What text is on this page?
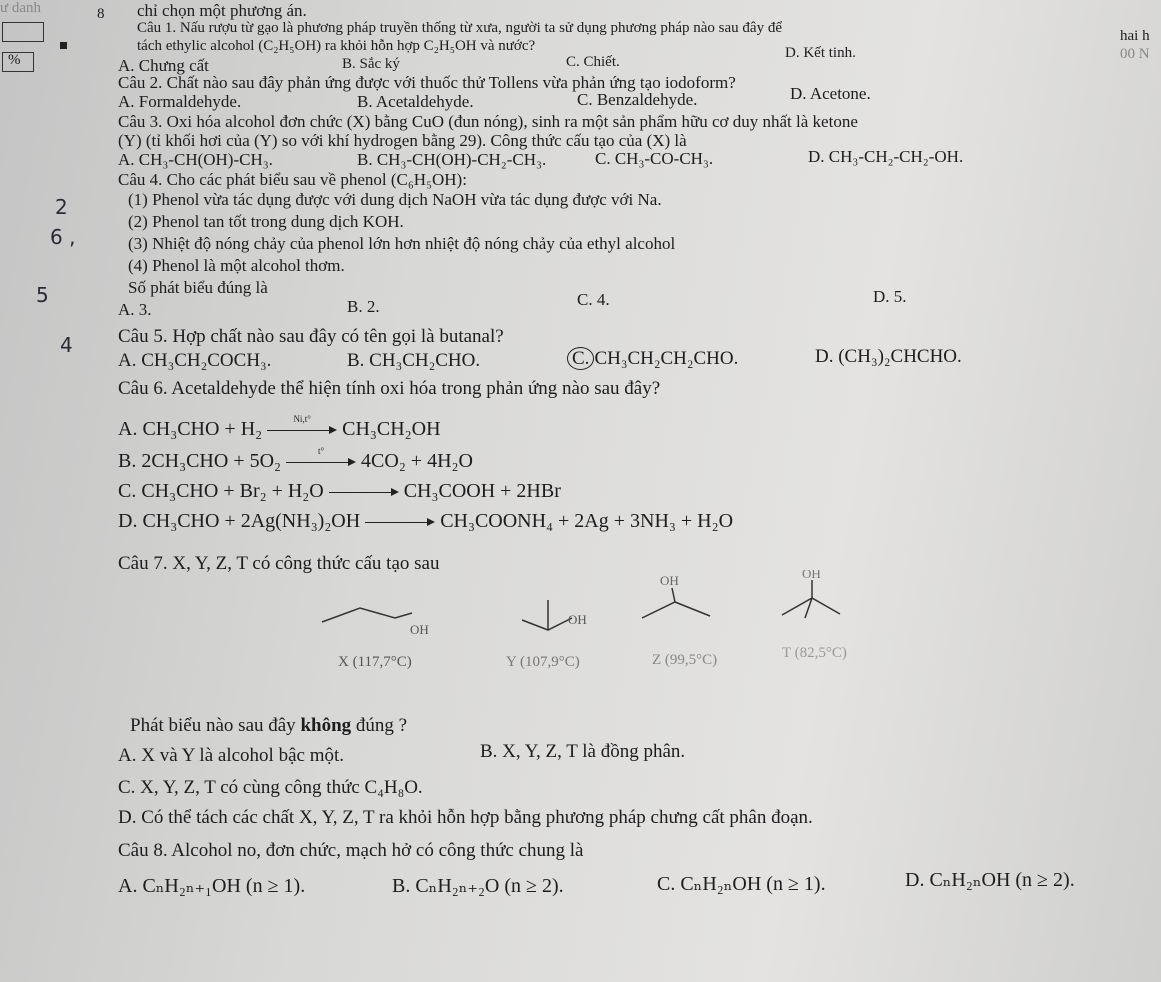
ư danh	8
%
2
6 ,
5
4
hai h
00 N
chỉ chọn một phương án.
Câu 1. Nấu rượu từ gạo là phương pháp truyền thống từ xưa, người ta sử dụng phương pháp nào sau đây để
tách ethylic alcohol (C₂H₅OH) ra khỏi hỗn hợp C₂H₅OH và nước?
A. Chưng cất	B. Sắc ký	C. Chiết.
D. Kết tinh.
Câu 2. Chất nào sau đây phản ứng được với thuốc thử Tollens vừa phản ứng tạo iodoform?
A. Formaldehyde.	B. Acetaldehyde.	C. Benzaldehyde.	D. Acetone.
Câu 3. Oxi hóa alcohol đơn chức (X) bằng CuO (đun nóng), sinh ra một sản phẩm hữu cơ duy nhất là ketone
(Y) (tỉ khối hơi của (Y) so với khí hydrogen bằng 29). Công thức cấu tạo của (X) là
A. CH₃-CH(OH)-CH₃.	B. CH₃-CH(OH)-CH₂-CH₃.	C. CH₃-CO-CH₃.	D. CH₃-CH₂-CH₂-OH.
Câu 4. Cho các phát biểu sau về phenol (C₆H₅OH):
(1) Phenol vừa tác dụng được với dung dịch NaOH vừa tác dụng được với Na.
(2) Phenol tan tốt trong dung dịch KOH.
(3) Nhiệt độ nóng chảy của phenol lớn hơn nhiệt độ nóng chảy của ethyl alcohol
(4) Phenol là một alcohol thơm.
Số phát biểu đúng là
A. 3.	B. 2.	C. 4.	D. 5.
Câu 5. Hợp chất nào sau đây có tên gọi là butanal?
A. CH₃CH₂COCH₃.	B. CH₃CH₂CHO.	C. CH₃CH₂CH₂CHO.	D. (CH₃)₂CHCHO.
Câu 6. Acetaldehyde thể hiện tính oxi hóa trong phản ứng nào sau đây?
A. CH₃CHO + H₂	Ni,t°	CH₃CH₂OH
B. 2CH₃CHO + 5O₂	t°	4CO₂ + 4H₂O
C. CH₃CHO + Br₂ + H₂O	CH₃COOH + 2HBr
D. CH₃CHO + 2Ag(NH₃)₂OH	CH₃COONH₄ + 2Ag + 3NH₃ + H₂O
Câu 7. X, Y, Z, T có công thức cấu tạo sau
OH
OH
OH	OH
X (117,7°C)	Y (107,9°C)	Z (99,5°C)	T (82,5°C)
Phát biểu nào sau đây không đúng ?
A. X và Y là alcohol bậc một.	B. X, Y, Z, T là đồng phân.
C. X, Y, Z, T có cùng công thức C₄H₈O.
D. Có thể tách các chất X, Y, Z, T ra khỏi hỗn hợp bằng phương pháp chưng cất phân đoạn.
Câu 8. Alcohol no, đơn chức, mạch hở có công thức chung là
A. CₙH₂ₙ₊₁OH (n ≥ 1).	B. CₙH₂ₙ₊₂O (n ≥ 2).	C. CₙH₂ₙOH (n ≥ 1).	D. CₙH₂ₙOH (n ≥ 2).
